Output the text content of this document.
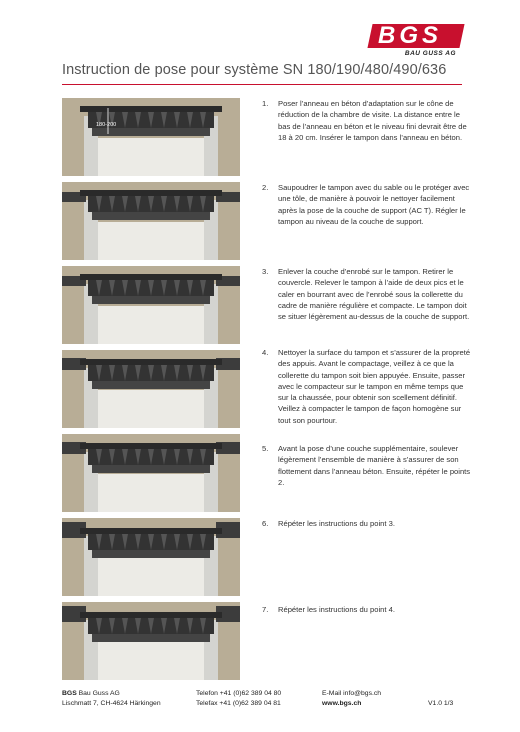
BGS
BAU GUSS AG
Instruction de pose pour système SN 180/190/480/490/636
180-200
1.	Poser l’anneau en béton d’adaptation sur le cône de réduction de la chambre de visite. La distance entre le bas de l’anneau en béton et le niveau fini devrait être de 18 à 20 cm. Insérer le tampon dans l’anneau en béton.
2.	Saupoudrer le tampon avec du sable ou le protéger avec une tôle, de manière à pouvoir le nettoyer facilement après la pose de la couche de support (AC T). Régler le tampon au niveau de la couche de support.
3.	Enlever la couche d’enrobé sur le tampon. Retirer le couvercle. Relever le tampon à l’aide de deux pics et le caler en bourrant avec de l’enrobé sous la collerette du cadre de manière régulière et compacte. Le tampon doit se situer légèrement au-dessus de la couche de support.
4.	Nettoyer la surface du tampon et s’assurer de la propreté des appuis. Avant le compactage, veillez à ce que la collerette du tampon soit bien appuyée. Ensuite, passer avec le compacteur sur le tampon en même temps que sur la chaussée, pour obtenir son scellement définitif. Veillez à compacter le tampon de façon homogène sur tout son pourtour.
5.	Avant la pose d’une couche supplémentaire, soulever légèrement l’ensemble de manière à s’assurer de son flottement dans l’anneau béton. Ensuite, répéter le points 2.
6.	Répéter les instructions du point 3.
7.	Répéter les instructions du point 4.
BGS Bau Guss AG
Lischmatt 7, CH-4624 Härkingen
Telefon +41 (0)62 389 04 80
Telefax +41 (0)62 389 04 81
E-Mail info@bgs.ch
www.bgs.ch	V1.0 1/3
